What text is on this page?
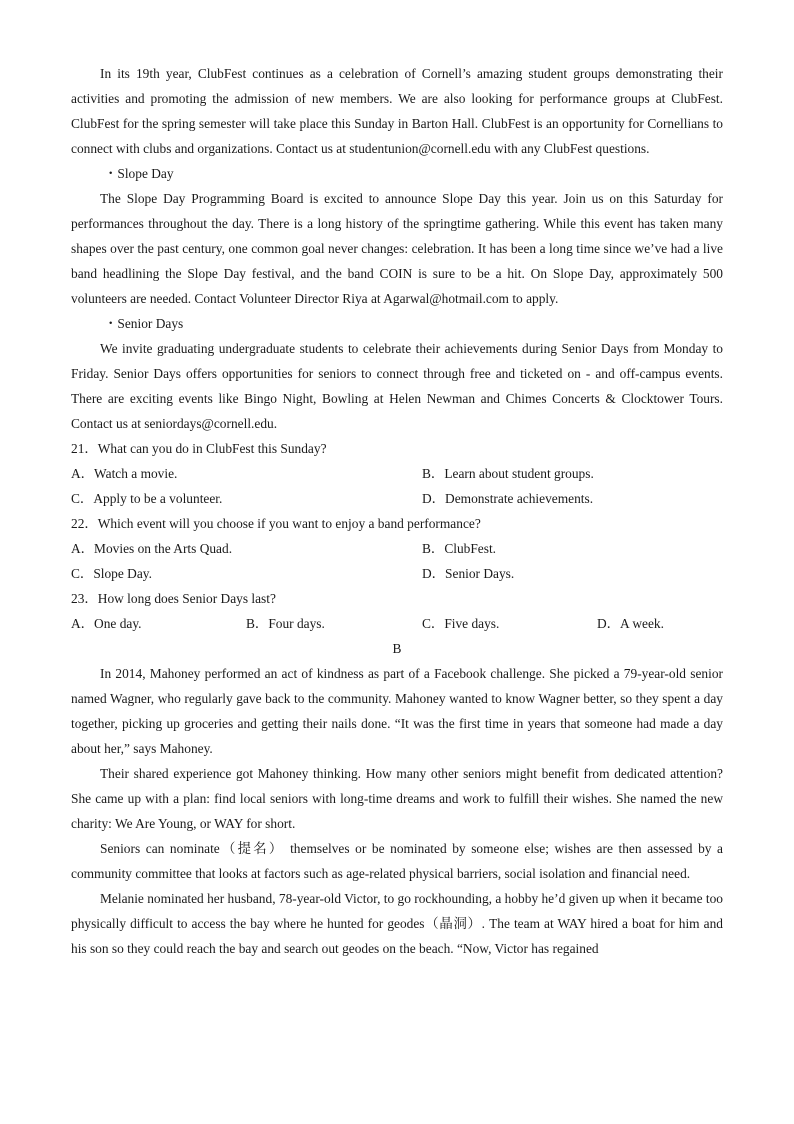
In its 19th year, ClubFest continues as a celebration of Cornell’s amazing student groups demonstrating their activities and promoting the admission of new members. We are also looking for performance groups at ClubFest. ClubFest for the spring semester will take place this Sunday in Barton Hall. ClubFest is an opportunity for Cornellians to connect with clubs and organizations. Contact us at studentunion@cornell.edu with any ClubFest questions.

・Slope Day

The Slope Day Programming Board is excited to announce Slope Day this year. Join us on this Saturday for performances throughout the day. There is a long history of the springtime gathering. While this event has taken many shapes over the past century, one common goal never changes: celebration. It has been a long time since we’ve had a live band headlining the Slope Day festival, and the band COIN is sure to be a hit. On Slope Day, approximately 500 volunteers are needed. Contact Volunteer Director Riya at Agarwal@hotmail.com to apply.

・Senior Days

We invite graduating undergraduate students to celebrate their achievements during Senior Days from Monday to Friday. Senior Days offers opportunities for seniors to connect through free and ticketed on - and off-campus events. There are exciting events like Bingo Night, Bowling at Helen Newman and Chimes Concerts & Clocktower Tours. Contact us at seniordays@cornell.edu.

21．What can you do in ClubFest this Sunday?

A．Watch a movie.	B．Learn about student groups.
C．Apply to be a volunteer.	D．Demonstrate achievements.

22．Which event will you choose if you want to enjoy a band performance?

A．Movies on the Arts Quad.	B．ClubFest.
C．Slope Day.	D．Senior Days.

23．How long does Senior Days last?

A．One day.	B．Four days.	C．Five days.	D．A week.

B

In 2014, Mahoney performed an act of kindness as part of a Facebook challenge. She picked a 79-year-old senior named Wagner, who regularly gave back to the community. Mahoney wanted to know Wagner better, so they spent a day together, picking up groceries and getting their nails done. “It was the first time in years that someone had made a day about her,” says Mahoney.

Their shared experience got Mahoney thinking. How many other seniors might benefit from dedicated attention? She came up with a plan: find local seniors with long-time dreams and work to fulfill their wishes. She named the new charity: We Are Young, or WAY for short.

Seniors can nominate（提名） themselves or be nominated by someone else; wishes are then assessed by a community committee that looks at factors such as age-related physical barriers, social isolation and financial need.

Melanie nominated her husband, 78-year-old Victor, to go rockhounding, a hobby he’d given up when it became too physically difficult to access the bay where he hunted for geodes（晶洞）. The team at WAY hired a boat for him and his son so they could reach the bay and search out geodes on the beach. “Now, Victor has regained
